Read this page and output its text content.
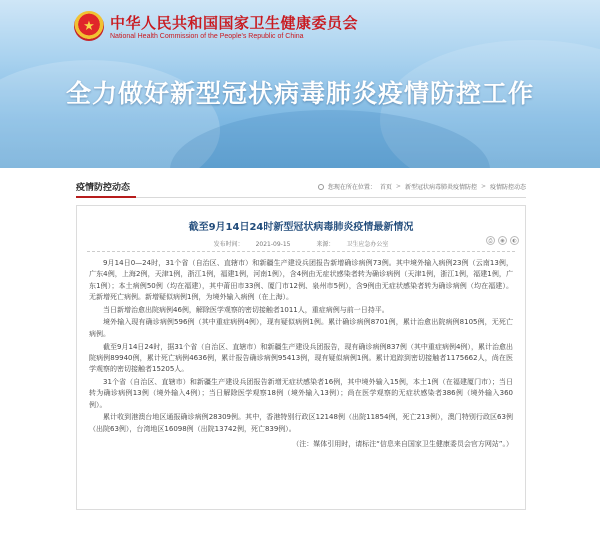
★	中华人民共和国国家卫生健康委员会
National Health Commission of the People's Republic of China
全力做好新型冠状病毒肺炎疫情防控工作
疫情防控动态	您现在所在位置： 首页 > 新型冠状病毒肺炎疫情防控 > 疫情防控动态
截至9月14日24时新型冠状病毒肺炎疫情最新情况
发布时间： 2021-09-15	来源： 卫生应急办公室
⎙	◉	◐

9月14日0—24时，31个省（自治区、直辖市）和新疆生产建设兵团报告新增确诊病例73例。其中境外输入病例23例（云南13例，广东4例，上海2例，天津1例，浙江1例，福建1例，河南1例），含4例由无症状感染者转为确诊病例（天津1例，浙江1例，福建1例，广东1例）；本土病例50例（均在福建），其中莆田市33例、厦门市12例、泉州市5例），含9例由无症状感染者转为确诊病例（均在福建）。无新增死亡病例。新增疑似病例1例，为境外输入病例（在上海）。

当日新增治愈出院病例46例，解除医学观察的密切接触者1011人，重症病例与前一日持平。

境外输入现有确诊病例596例（其中重症病例4例），现有疑似病例1例。累计确诊病例8701例，累计治愈出院病例8105例，无死亡病例。

截至9月14日24时，据31个省（自治区、直辖市）和新疆生产建设兵团报告，现有确诊病例837例（其中重症病例4例），累计治愈出院病例89940例，累计死亡病例4636例，累计报告确诊病例95413例，现有疑似病例1例。累计追踪到密切接触者1175662人，尚在医学观察的密切接触者15205人。

31个省（自治区、直辖市）和新疆生产建设兵团报告新增无症状感染者16例，其中境外输入15例，本土1例（在福建厦门市）；当日转为确诊病例13例（境外输入4例）；当日解除医学观察18例（境外输入13例）；尚在医学观察的无症状感染者386例（境外输入360例）。

累计收到港澳台地区通报确诊病例28309例。其中，香港特别行政区12148例（出院11854例，死亡213例），澳门特别行政区63例（出院63例），台湾地区16098例（出院13742例，死亡839例）。

（注：媒体引用时，请标注“信息来自国家卫生健康委员会官方网站”。）
